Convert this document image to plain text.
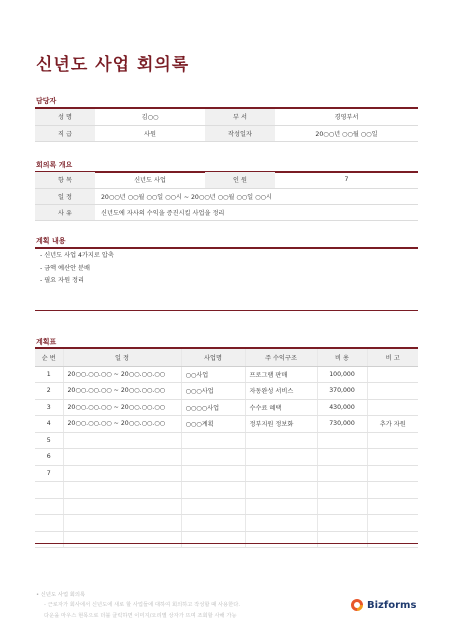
신년도 사업 회의록
담당자
성 명	김○○	부 서	경영부서
직 급	사원	작성일자	20○○년 ○○월 ○○일
회의록 개요
항 목	신년도 사업	인 원	7
일 정	20○○년 ○○월 ○○일 ○○시 ~ 20○○년 ○○월 ○○일 ○○시		
사 유	신년도에 자사의 수익을 증진시킬 사업을 정리		
계획 내용
- 신년도 사업 4가지로 압축
- 금액 예산안 분배
- 필요 자원 정리
계획표
순 번	일 정	사업명	주 수익구조	비 용	비 고
1	20○○.○○.○○ ~ 20○○.○○.○○	○○사업	프로그램 판매	100,000	
2	20○○.○○.○○ ~ 20○○.○○.○○	○○○사업	자동완성 서비스	370,000	
3	20○○.○○.○○ ~ 20○○.○○.○○	○○○○사업	수수료 혜택	430,000	
4	20○○.○○.○○ ~ 20○○.○○.○○	○○○계획	정부지원 정보화	730,000	추가 자원
5					
6					
7					

• 신년도 사업 회의록
- 근로자가 회사에서 신년도에 새로 할 사업들에 대하여 회의하고 작성할 때 사용한다.
다운을 마우스 현목으로 더블 클릭하면 이미지/오리별 상자가 뜨며 조회할 사해 가능
Bizforms
